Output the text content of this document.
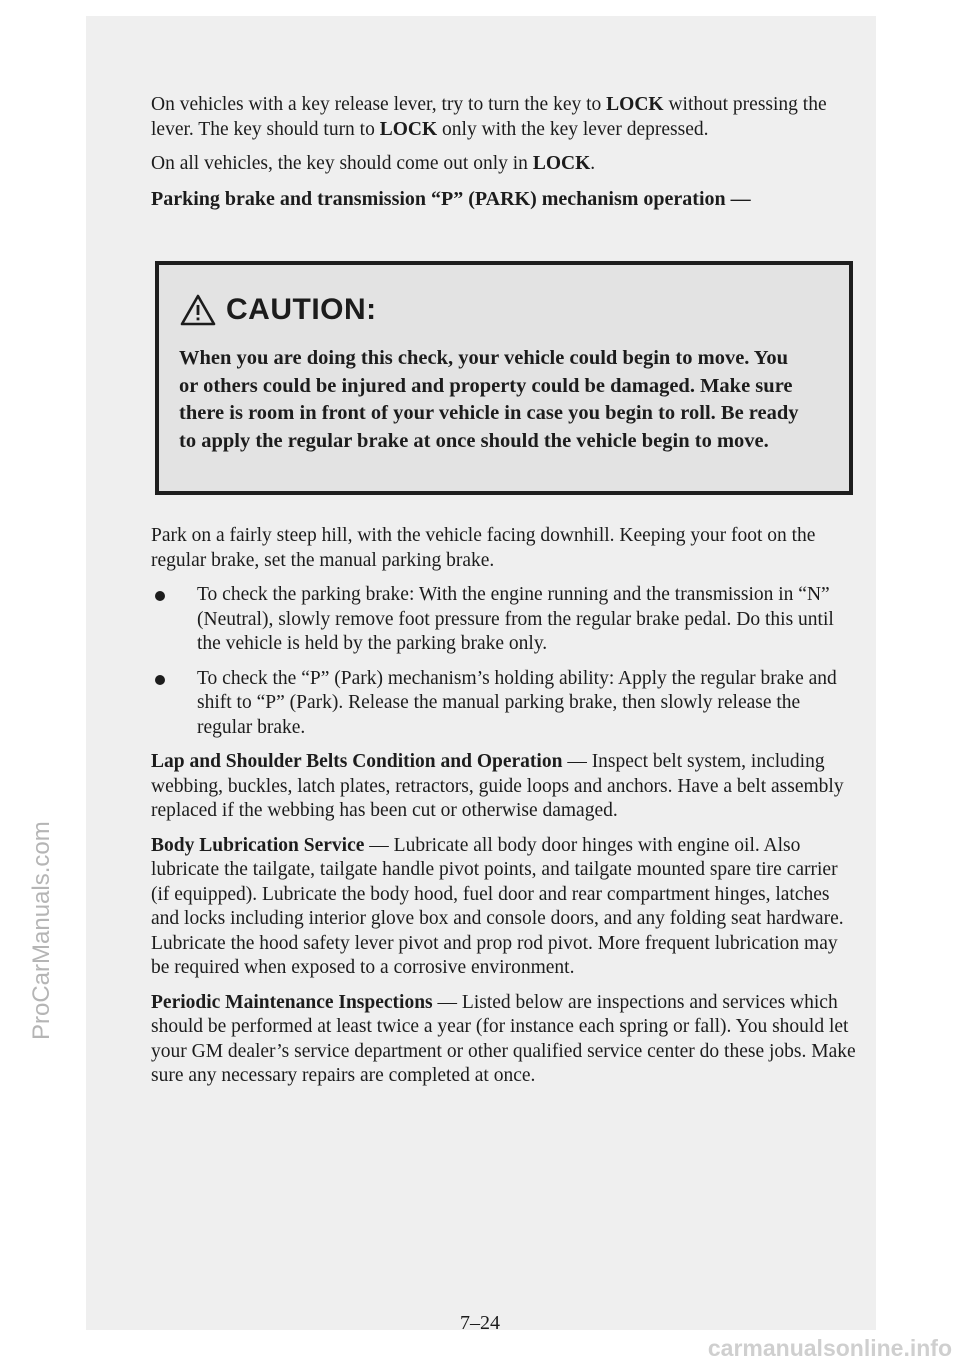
On vehicles with a key release lever, try to turn the key to LOCK without pressing the lever. The key should turn to LOCK only with the key lever depressed.

On all vehicles, the key should come out only in LOCK.

Parking brake and transmission “P” (PARK) mechanism operation —

CAUTION:
When you are doing this check, your vehicle could begin to move. You or others could be injured and property could be damaged. Make sure there is room in front of your vehicle in case you begin to roll. Be ready to apply the regular brake at once should the vehicle begin to move.

Park on a fairly steep hill, with the vehicle facing downhill. Keeping your foot on the regular brake, set the manual parking brake.

To check the parking brake: With the engine running and the transmission in “N” (Neutral), slowly remove foot pressure from the regular brake pedal. Do this until the vehicle is held by the parking brake only.
To check the “P” (Park) mechanism’s holding ability: Apply the regular brake and shift to “P” (Park). Release the manual parking brake, then slowly release the regular brake.

Lap and Shoulder Belts Condition and Operation — Inspect belt system, including webbing, buckles, latch plates, retractors, guide loops and anchors. Have a belt assembly replaced if the webbing has been cut or otherwise damaged.

Body Lubrication Service — Lubricate all body door hinges with engine oil. Also lubricate the tailgate, tailgate handle pivot points, and tailgate mounted spare tire carrier (if equipped). Lubricate the body hood, fuel door and rear compartment hinges, latches and locks including interior glove box and console doors, and any folding seat hardware. Lubricate the hood safety lever pivot and prop rod pivot. More frequent lubrication may be required when exposed to a corrosive environment.

Periodic Maintenance Inspections — Listed below are inspections and services which should be performed at least twice a year (for instance each spring or fall). You should let your GM dealer’s service department or other qualified service center do these jobs. Make sure any necessary repairs are completed at once.

7–24
ProCarManuals.com
carmanualsonline.info
